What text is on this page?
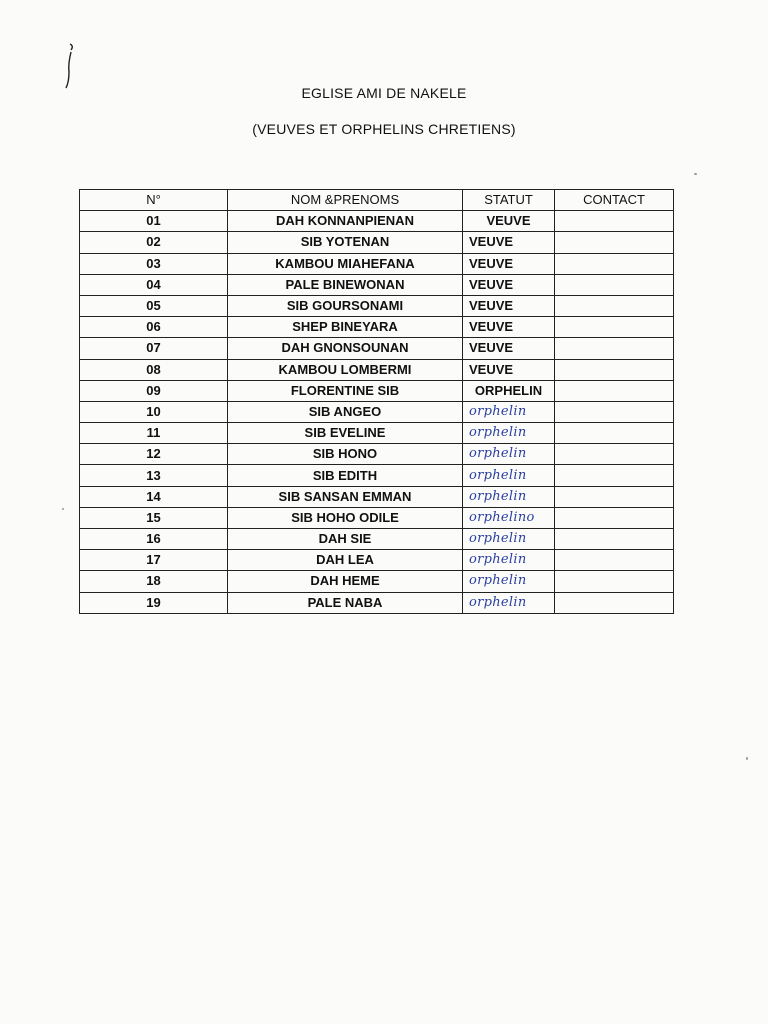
EGLISE AMI DE NAKELE
(VEUVES ET ORPHELINS CHRETIENS)
N°	NOM &PRENOMS	STATUT	CONTACT
01	DAH KONNANPIENAN	VEUVE	
02	SIB YOTENAN	VEUVE	
03	KAMBOU MIAHEFANA	VEUVE	
04	PALE BINEWONAN	VEUVE	
05	SIB GOURSONAMI	VEUVE	
06	SHEP BINEYARA	VEUVE	
07	DAH GNONSOUNAN	VEUVE	
08	KAMBOU LOMBERMI	VEUVE	
09	FLORENTINE SIB	ORPHELIN	
10	SIB ANGEO	orphelin	
11	SIB EVELINE	orphelin	
12	SIB HONO	orphelin	
13	SIB EDITH	orphelin	
14	SIB SANSAN EMMAN	orphelin	
15	SIB HOHO ODILE	orphelino	
16	DAH SIE	orphelin	
17	DAH LEA	orphelin	
18	DAH HEME	orphelin	
19	PALE NABA	orphelin	
